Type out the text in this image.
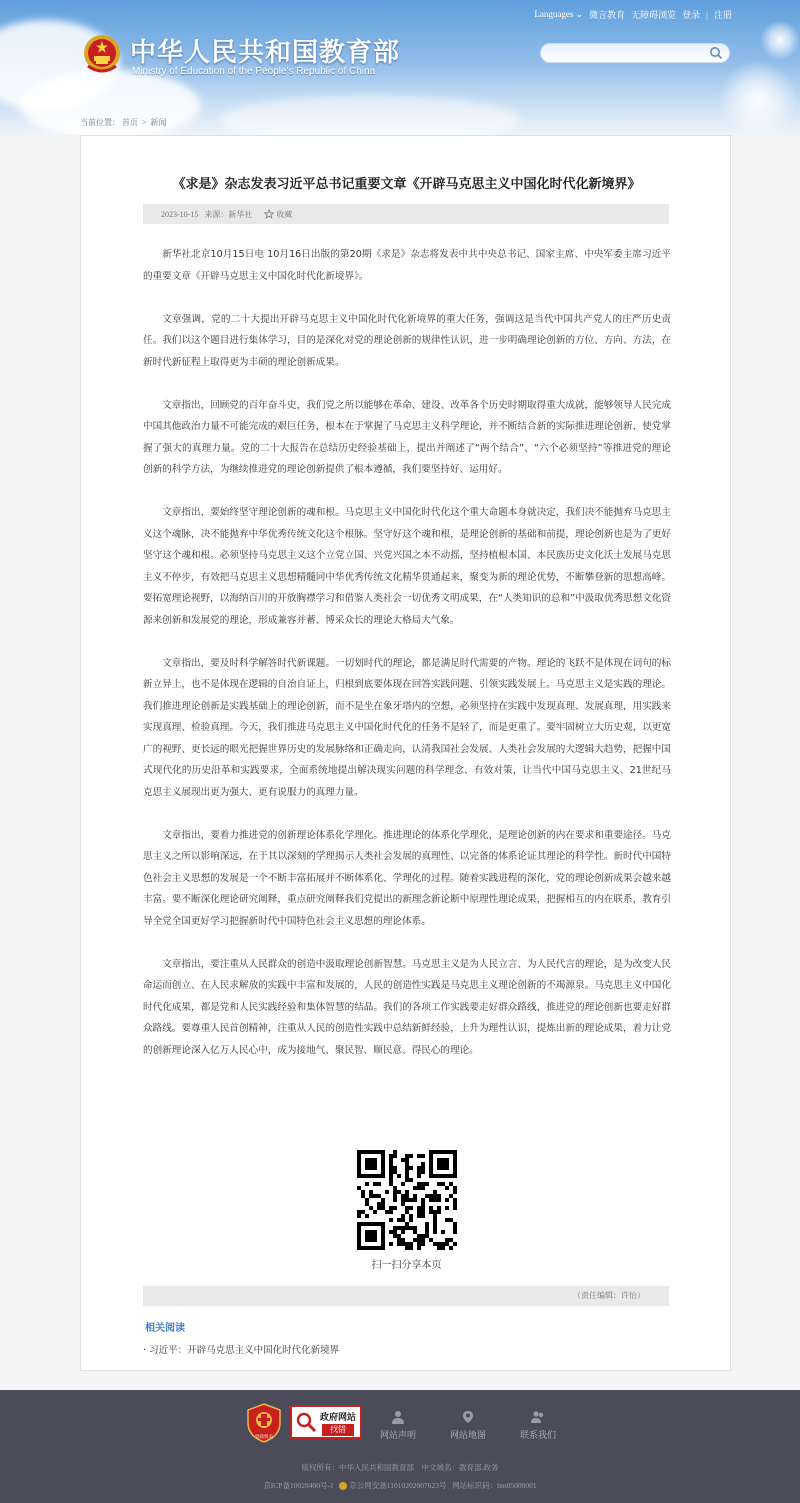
中华人民共和国教育部
Ministry of Education of the People's Republic of China
Languages ⌄ 微言教育 无障碍浏览 登录 | 注册
当前位置： 首页 > 新闻
《求是》杂志发表习近平总书记重要文章《开辟马克思主义中国化时代化新境界》
2023-10-15 来源：新华社	收藏

新华社北京10月15日电 10月16日出版的第20期《求是》杂志将发表中共中央总书记、国家主席、中央军委主席习近平的重要文章《开辟马克思主义中国化时代化新境界》。

文章强调，党的二十大提出开辟马克思主义中国化时代化新境界的重大任务，强调这是当代中国共产党人的庄严历史责任。我们以这个题目进行集体学习，目的是深化对党的理论创新的规律性认识，进一步明确理论创新的方位、方向、方法，在新时代新征程上取得更为丰硕的理论创新成果。

文章指出，回顾党的百年奋斗史，我们党之所以能够在革命、建设、改革各个历史时期取得重大成就，能够领导人民完成中国其他政治力量不可能完成的艰巨任务，根本在于掌握了马克思主义科学理论，并不断结合新的实际推进理论创新，使党掌握了强大的真理力量。党的二十大报告在总结历史经验基础上，提出并阐述了“两个结合”、“六个必须坚持”等推进党的理论创新的科学方法，为继续推进党的理论创新提供了根本遵循，我们要坚持好、运用好。

文章指出，要始终坚守理论创新的魂和根。马克思主义中国化时代化这个重大命题本身就决定，我们决不能抛弃马克思主义这个魂脉，决不能抛弃中华优秀传统文化这个根脉。坚守好这个魂和根，是理论创新的基础和前提，理论创新也是为了更好坚守这个魂和根。必须坚持马克思主义这个立党立国、兴党兴国之本不动摇，坚持植根本国、本民族历史文化沃土发展马克思主义不停步，有效把马克思主义思想精髓同中华优秀传统文化精华贯通起来，聚变为新的理论优势，不断攀登新的思想高峰。要拓宽理论视野，以海纳百川的开放胸襟学习和借鉴人类社会一切优秀文明成果，在“人类知识的总和”中汲取优秀思想文化资源来创新和发展党的理论，形成兼容并蓄、博采众长的理论大格局大气象。

文章指出，要及时科学解答时代新课题。一切划时代的理论，都是满足时代需要的产物。理论的飞跃不是体现在词句的标新立异上，也不是体现在逻辑的自治自证上，归根到底要体现在回答实践问题、引领实践发展上。马克思主义是实践的理论。我们推进理论创新是实践基础上的理论创新，而不是坐在象牙塔内的空想，必须坚持在实践中发现真理、发展真理，用实践来实现真理、检验真理。今天，我们推进马克思主义中国化时代化的任务不是轻了，而是更重了。要牢固树立大历史观，以更宽广的视野、更长远的眼光把握世界历史的发展脉络和正确走向，认清我国社会发展、人类社会发展的大逻辑大趋势，把握中国式现代化的历史沿革和实践要求，全面系统地提出解决现实问题的科学理念、有效对策，让当代中国马克思主义、21世纪马克思主义展现出更为强大、更有说服力的真理力量。

文章指出，要着力推进党的创新理论体系化学理化。推进理论的体系化学理化，是理论创新的内在要求和重要途径。马克思主义之所以影响深远，在于其以深刻的学理揭示人类社会发展的真理性、以完备的体系论证其理论的科学性。新时代中国特色社会主义思想的发展是一个不断丰富拓展并不断体系化、学理化的过程。随着实践进程的深化，党的理论创新成果会越来越丰富。要不断深化理论研究阐释，重点研究阐释我们党提出的新理念新论断中原理性理论成果，把握相互的内在联系，教育引导全党全国更好学习把握新时代中国特色社会主义思想的理论体系。

文章指出，要注重从人民群众的创造中汲取理论创新智慧。马克思主义是为人民立言、为人民代言的理论，是为改变人民命运而创立、在人民求解放的实践中丰富和发展的，人民的创造性实践是马克思主义理论创新的不竭源泉。马克思主义中国化时代化成果，都是党和人民实践经验和集体智慧的结晶。我们的各项工作实践要走好群众路线，推进党的理论创新也要走好群众路线。要尊重人民首创精神，注重从人民的创造性实践中总结新鲜经验，上升为理性认识，提炼出新的理论成果，着力让党的创新理论深入亿万人民心中，成为接地气、聚民智、顺民意、得民心的理论。

扫一扫分享本页
（责任编辑：许怡）
相关阅读
· 习近平：开辟马克思主义中国化时代化新境界
党政机关
政府网站
找错
网站声明	网站地图	联系我们
版权所有：中华人民共和国教育部　中文域名：教育部.政务
京ICP备10028400号-1 京公网安备11010202007623号 网站标识码：bm05000001
